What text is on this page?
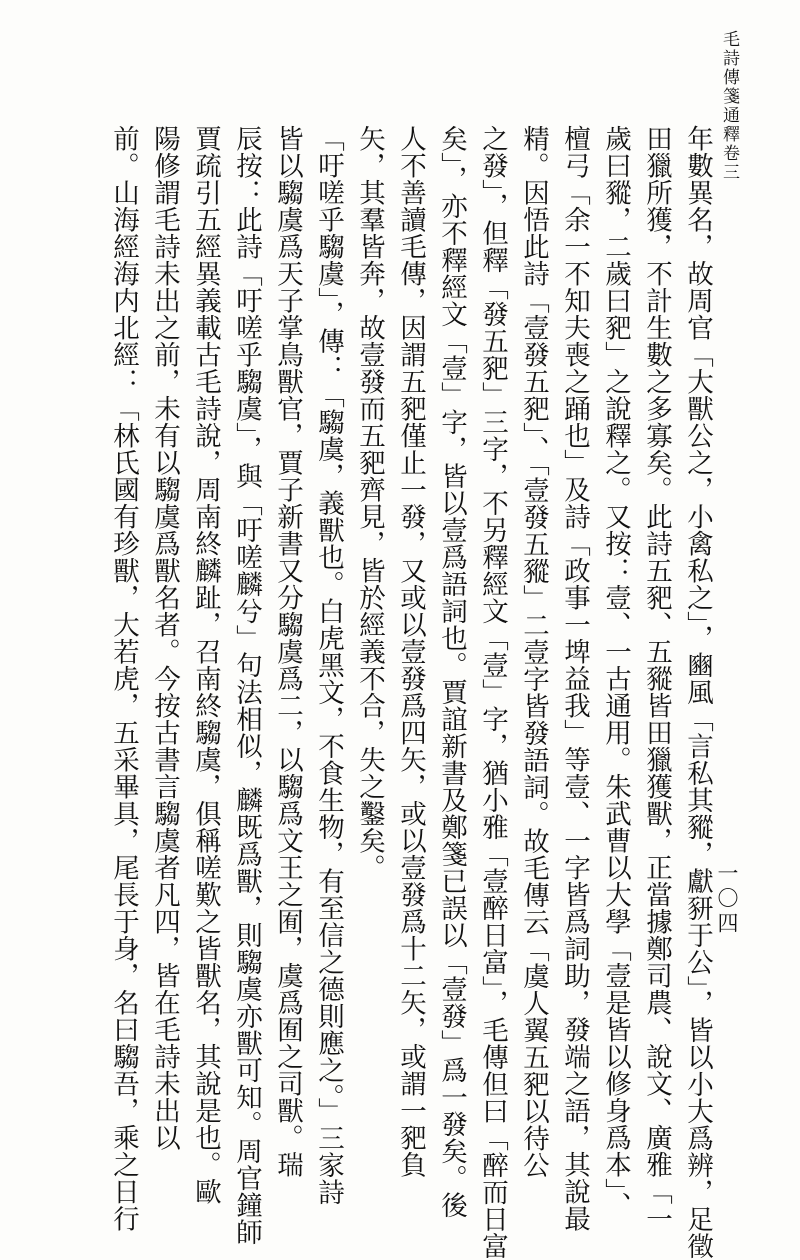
毛詩傳箋通釋卷三
一〇四
年數異名，故周官「大獸公之，小禽私之」，豳風「言私其豵，獻豜于公」，皆以小大爲辨，足徵
田獵所獲，不計生數之多寡矣。此詩五豝、五豵皆田獵獲獸，正當據鄭司農、說文、廣雅「一
歲曰豵，二歲曰豝」之說釋之。又按：壹、一古通用。朱武曹以大學「壹是皆以修身爲本」、
檀弓「余一不知夫喪之踊也」及詩「政事一埤益我」等壹、一字皆爲詞助，發端之語，其說最
精。因悟此詩「壹發五豝」、「壹發五豵」二壹字皆發語詞。故毛傳云「虞人翼五豝以待公
之發」，但釋「發五豝」三字，不另釋經文「壹」字，猶小雅「壹醉日富」，毛傳但曰「醉而日富
矣」，亦不釋經文「壹」字，皆以壹爲語詞也。賈誼新書及鄭箋已誤以「壹發」爲一發矣。後
人不善讀毛傳，因謂五豝僅止一發，又或以壹發爲四矢，或以壹發爲十二矢，或謂一豝負
矢，其羣皆奔，故壹發而五豝齊見，皆於經義不合，失之鑿矣。
「吁嗟乎騶虞」，傳：「騶虞，義獸也。白虎黑文，不食生物，有至信之德則應之。」三家詩
皆以騶虞爲天子掌鳥獸官，賈子新書又分騶虞爲二，以騶爲文王之囿，虞爲囿之司獸。瑞
辰按：此詩「吁嗟乎騶虞」，與「吁嗟麟兮」句法相似，麟既爲獸，則騶虞亦獸可知。周官鐘師
賈疏引五經異義載古毛詩說，周南終麟趾，召南終騶虞，俱稱嗟歎之皆獸名，其說是也。歐
陽修謂毛詩未出之前，未有以騶虞爲獸名者。今按古書言騶虞者凡四，皆在毛詩未出以
前。山海經海内北經：「林氏國有珍獸，大若虎，五采畢具，尾長于身，名曰騶吾，乘之日行
